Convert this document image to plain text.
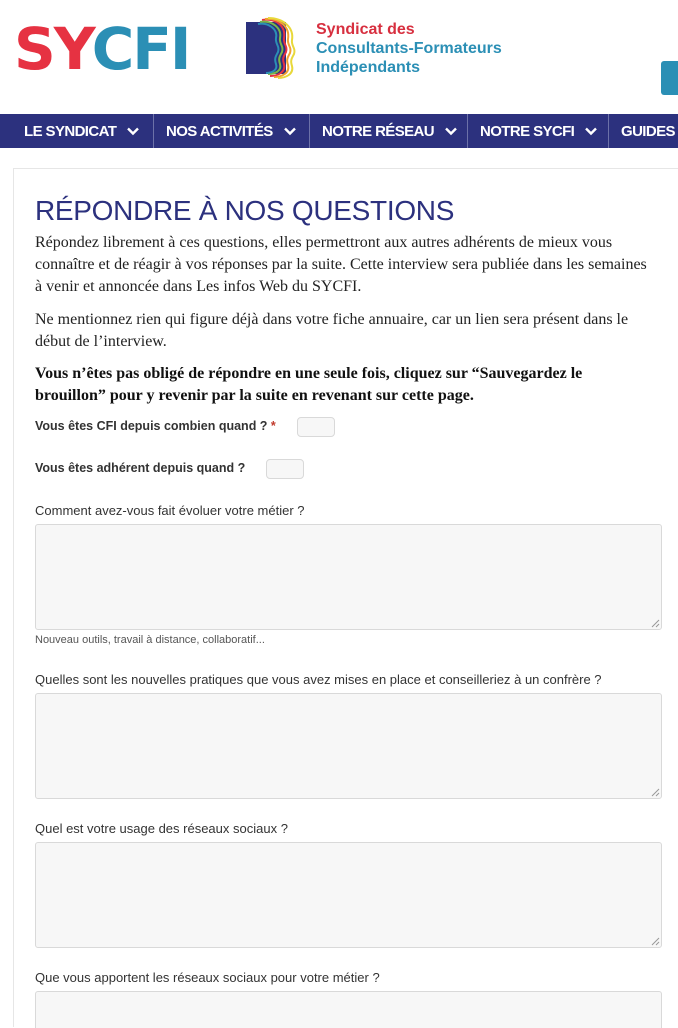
SYCFI	Syndicat des
Consultants-Formateurs
Indépendants
LE SYNDICAT	NOS ACTIVITÉS	NOTRE RÉSEAU	NOTRE SYCFI	GUIDES
RÉPONDRE À NOS QUESTIONS

Répondez librement à ces questions, elles permettront aux autres adhérents de mieux vous connaître et de réagir à vos réponses par la suite. Cette interview sera publiée dans les semaines à venir et annoncée dans Les infos Web du SYCFI.

Ne mentionnez rien qui figure déjà dans votre fiche annuaire, car un lien sera présent dans le début de l’interview.

Vous n’êtes pas obligé de répondre en une seule fois, cliquez sur “Sauvegardez le brouillon” pour y revenir par la suite en revenant sur cette page.

Vous êtes CFI depuis combien quand ? *
Vous êtes adhérent depuis quand ?
Comment avez-vous fait évoluer votre métier ?
Nouveau outils, travail à distance, collaboratif...
Quelles sont les nouvelles pratiques que vous avez mises en place et conseilleriez à un confrère ?
Quel est votre usage des réseaux sociaux ?
Que vous apportent les réseaux sociaux pour votre métier ?
